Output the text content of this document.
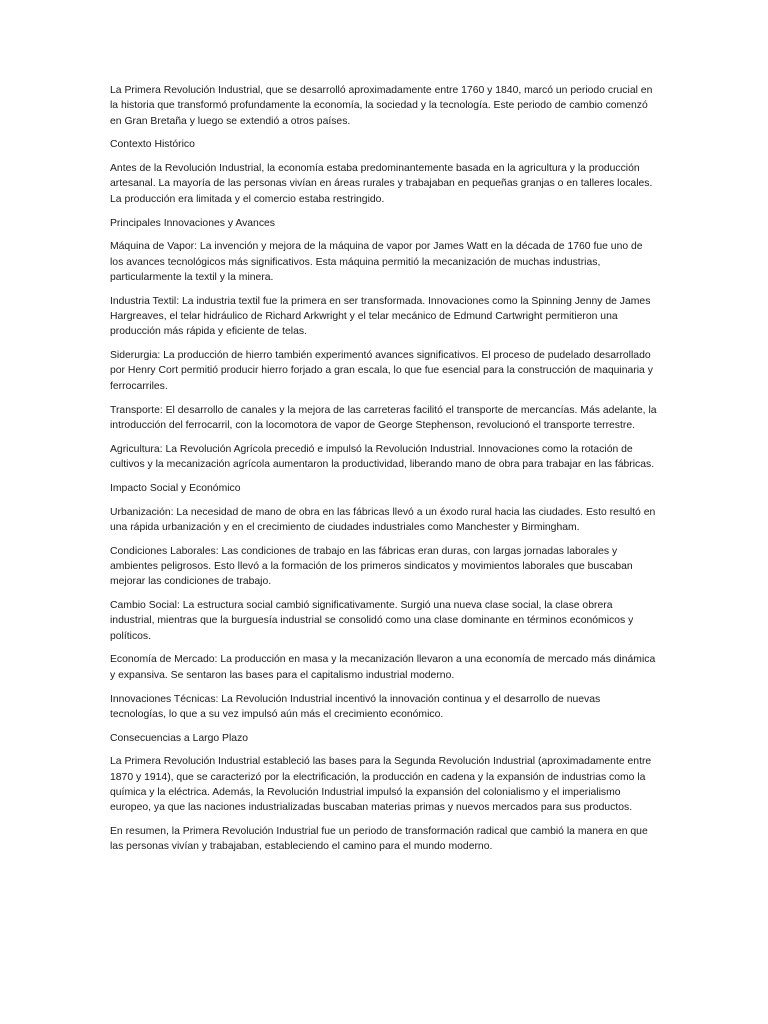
La Primera Revolución Industrial, que se desarrolló aproximadamente entre 1760 y 1840, marcó un periodo crucial en la historia que transformó profundamente la economía, la sociedad y la tecnología. Este periodo de cambio comenzó en Gran Bretaña y luego se extendió a otros países.

Contexto Histórico

Antes de la Revolución Industrial, la economía estaba predominantemente basada en la agricultura y la producción artesanal. La mayoría de las personas vivían en áreas rurales y trabajaban en pequeñas granjas o en talleres locales. La producción era limitada y el comercio estaba restringido.

Principales Innovaciones y Avances

Máquina de Vapor: La invención y mejora de la máquina de vapor por James Watt en la década de 1760 fue uno de los avances tecnológicos más significativos. Esta máquina permitió la mecanización de muchas industrias, particularmente la textil y la minera.

Industria Textil: La industria textil fue la primera en ser transformada. Innovaciones como la Spinning Jenny de James Hargreaves, el telar hidráulico de Richard Arkwright y el telar mecánico de Edmund Cartwright permitieron una producción más rápida y eficiente de telas.

Siderurgia: La producción de hierro también experimentó avances significativos. El proceso de pudelado desarrollado por Henry Cort permitió producir hierro forjado a gran escala, lo que fue esencial para la construcción de maquinaria y ferrocarriles.

Transporte: El desarrollo de canales y la mejora de las carreteras facilitó el transporte de mercancías. Más adelante, la introducción del ferrocarril, con la locomotora de vapor de George Stephenson, revolucionó el transporte terrestre.

Agricultura: La Revolución Agrícola precedió e impulsó la Revolución Industrial. Innovaciones como la rotación de cultivos y la mecanización agrícola aumentaron la productividad, liberando mano de obra para trabajar en las fábricas.

Impacto Social y Económico

Urbanización: La necesidad de mano de obra en las fábricas llevó a un éxodo rural hacia las ciudades. Esto resultó en una rápida urbanización y en el crecimiento de ciudades industriales como Manchester y Birmingham.

Condiciones Laborales: Las condiciones de trabajo en las fábricas eran duras, con largas jornadas laborales y ambientes peligrosos. Esto llevó a la formación de los primeros sindicatos y movimientos laborales que buscaban mejorar las condiciones de trabajo.

Cambio Social: La estructura social cambió significativamente. Surgió una nueva clase social, la clase obrera industrial, mientras que la burguesía industrial se consolidó como una clase dominante en términos económicos y políticos.

Economía de Mercado: La producción en masa y la mecanización llevaron a una economía de mercado más dinámica y expansiva. Se sentaron las bases para el capitalismo industrial moderno.

Innovaciones Técnicas: La Revolución Industrial incentivó la innovación continua y el desarrollo de nuevas tecnologías, lo que a su vez impulsó aún más el crecimiento económico.

Consecuencias a Largo Plazo

La Primera Revolución Industrial estableció las bases para la Segunda Revolución Industrial (aproximadamente entre 1870 y 1914), que se caracterizó por la electrificación, la producción en cadena y la expansión de industrias como la química y la eléctrica. Además, la Revolución Industrial impulsó la expansión del colonialismo y el imperialismo europeo, ya que las naciones industrializadas buscaban materias primas y nuevos mercados para sus productos.

En resumen, la Primera Revolución Industrial fue un periodo de transformación radical que cambió la manera en que las personas vivían y trabajaban, estableciendo el camino para el mundo moderno.
